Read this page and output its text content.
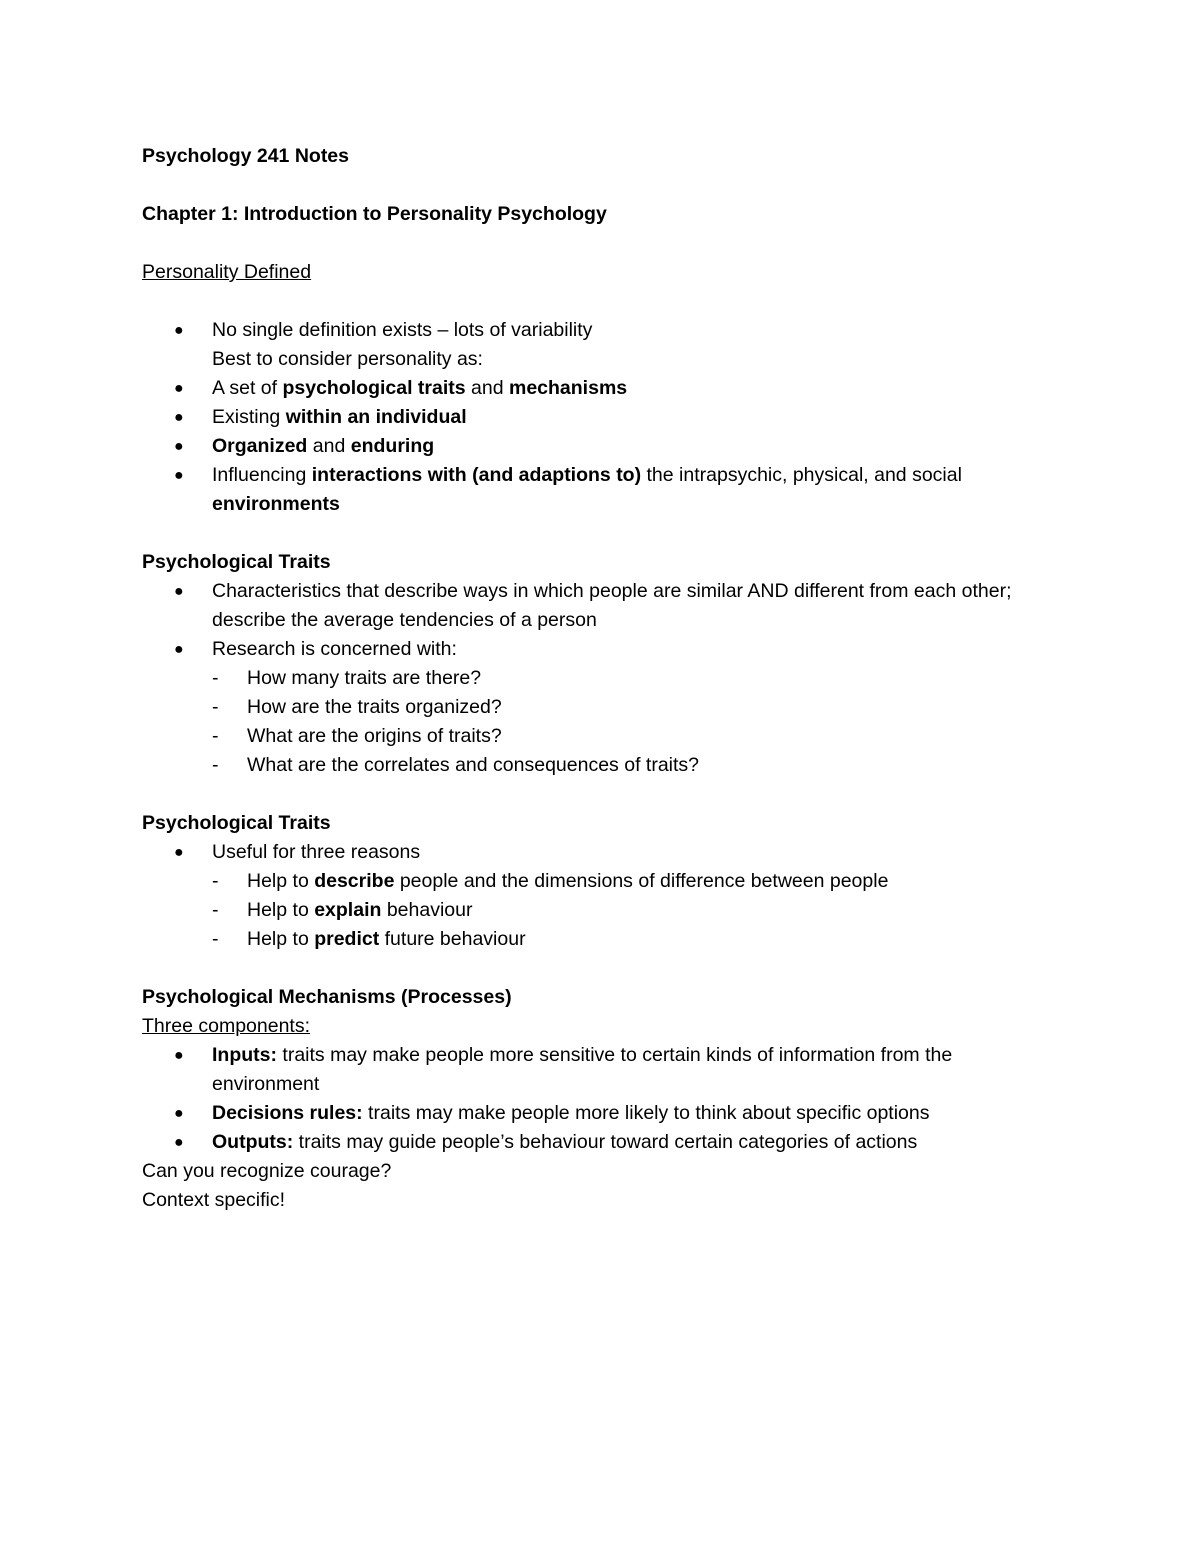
Psychology 241 Notes

Chapter 1: Introduction to Personality Psychology

Personality Defined

● No single definition exists – lots of variability
Best to consider personality as:
● A set of psychological traits and mechanisms
● Existing within an individual
● Organized and enduring
● Influencing interactions with (and adaptions to) the intrapsychic, physical, and social environments

Psychological Traits

● Characteristics that describe ways in which people are similar AND different from each other; describe the average tendencies of a person
● Research is concerned with:
- How many traits are there?
- How are the traits organized?
- What are the origins of traits?
- What are the correlates and consequences of traits?

Psychological Traits

● Useful for three reasons
- Help to describe people and the dimensions of difference between people
- Help to explain behaviour
- Help to predict future behaviour

Psychological Mechanisms (Processes)

Three components:

● Inputs: traits may make people more sensitive to certain kinds of information from the environment
● Decisions rules: traits may make people more likely to think about specific options
● Outputs: traits may guide people’s behaviour toward certain categories of actions

Can you recognize courage?

Context specific!
